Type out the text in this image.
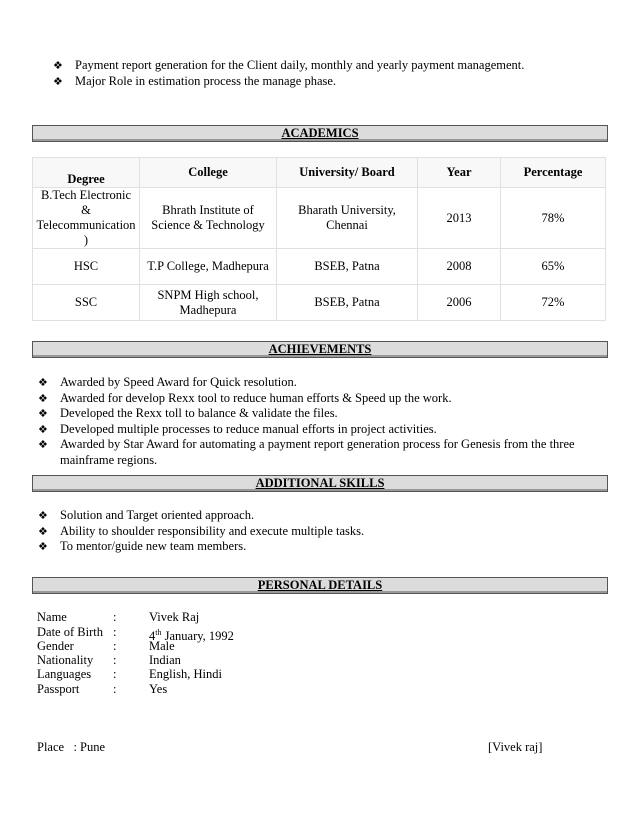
❖ Payment report generation for the Client daily, monthly and yearly payment management.
❖ Major Role in estimation process the manage phase.
ACADEMICS
Degree	College	University/ Board	Year	Percentage
B.Tech Electronic & Telecommunication )	Bhrath Institute of Science & Technology	Bharath University, Chennai	2013	78%
HSC	T.P College, Madhepura	BSEB, Patna	2008	65%
SSC	SNPM High school, Madhepura	BSEB, Patna	2006	72%
ACHIEVEMENTS
❖ Awarded by Speed Award for Quick resolution.
❖ Awarded for develop Rexx tool to reduce human efforts & Speed up the work.
❖ Developed the Rexx toll to balance & validate the files.
❖ Developed multiple processes to reduce manual efforts in project activities.
❖ Awarded by Star Award for automating a payment report generation process for Genesis from the three mainframe regions.
ADDITIONAL SKILLS
❖ Solution and Target oriented approach.
❖ Ability to shoulder responsibility and execute multiple tasks.
❖ To mentor/guide new team members.
PERSONAL DETAILS
Name	:	Vivek Raj
Date of Birth :	4th January, 1992
Gender	:	Male
Nationality	:	Indian
Languages	:	English, Hindi
Passport	:	Yes
Place   : Pune	[Vivek raj]
